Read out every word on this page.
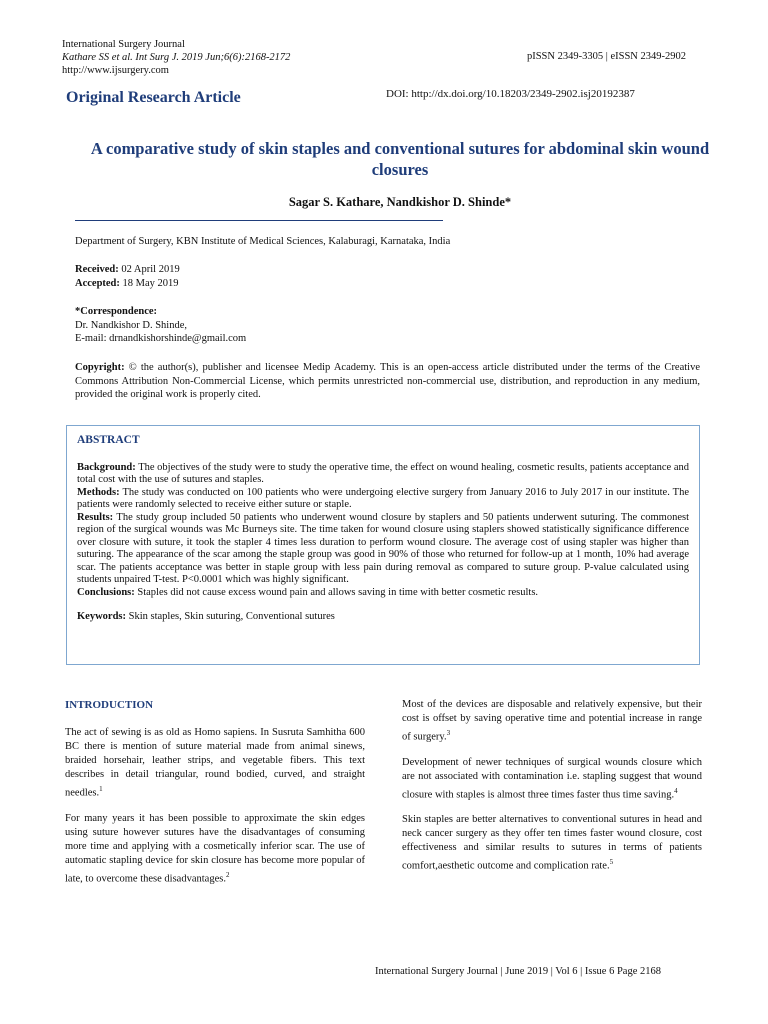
International Surgery Journal
Kathare SS et al. Int Surg J. 2019 Jun;6(6):2168-2172
http://www.ijsurgery.com
pISSN 2349-3305 | eISSN 2349-2902
Original Research Article	DOI: http://dx.doi.org/10.18203/2349-2902.isj20192387
A comparative study of skin staples and conventional sutures for abdominal skin wound closures
Sagar S. Kathare, Nandkishor D. Shinde*
Department of Surgery, KBN Institute of Medical Sciences, Kalaburagi, Karnataka, India
Received: 02 April 2019
Accepted: 18 May 2019
*Correspondence:
Dr. Nandkishor D. Shinde,
E-mail: drnandkishorshinde@gmail.com
Copyright: © the author(s), publisher and licensee Medip Academy. This is an open-access article distributed under the terms of the Creative Commons Attribution Non-Commercial License, which permits unrestricted non-commercial use, distribution, and reproduction in any medium, provided the original work is properly cited.
ABSTRACT

Background: The objectives of the study were to study the operative time, the effect on wound healing, cosmetic results, patients acceptance and total cost with the use of sutures and staples.

Methods: The study was conducted on 100 patients who were undergoing elective surgery from January 2016 to July 2017 in our institute. The patients were randomly selected to receive either suture or staple.

Results: The study group included 50 patients who underwent wound closure by staplers and 50 patients underwent suturing. The commonest region of the surgical wounds was Mc Burneys site. The time taken for wound closure using staplers showed statistically significance difference over closure with suture, it took the stapler 4 times less duration to perform wound closure. The average cost of using stapler was higher than suturing. The appearance of the scar among the staple group was good in 90% of those who returned for follow-up at 1 month, 10% had average scar. The patients acceptance was better in staple group with less pain during removal as compared to suture group. P-value calculated using students unpaired T-test. P<0.0001 which was highly significant.

Conclusions: Staples did not cause excess wound pain and allows saving in time with better cosmetic results.

Keywords: Skin staples, Skin suturing, Conventional sutures

INTRODUCTION

The act of sewing is as old as Homo sapiens. In Susruta Samhitha 600 BC there is mention of suture material made from animal sinews, braided horsehair, leather strips, and vegetable fibers. This text describes in detail triangular, round bodied, curved, and straight needles.$^1$

For many years it has been possible to approximate the skin edges using suture however sutures have the disadvantages of consuming more time and applying with a cosmetically inferior scar. The use of automatic stapling device for skin closure has become more popular of late, to overcome these disadvantages.$^2$

Most of the devices are disposable and relatively expensive, but their cost is offset by saving operative time and potential increase in range of surgery.$^3$

Development of newer techniques of surgical wounds closure which are not associated with contamination i.e. stapling suggest that wound closure with staples is almost three times faster thus time saving.$^4$

Skin staples are better alternatives to conventional sutures in head and neck cancer surgery as they offer ten times faster wound closure, cost effectiveness and similar results to sutures in terms of patients comfort,aesthetic outcome and complication rate.$^5$

International Surgery Journal | June 2019 | Vol 6 | Issue 6 Page 2168
